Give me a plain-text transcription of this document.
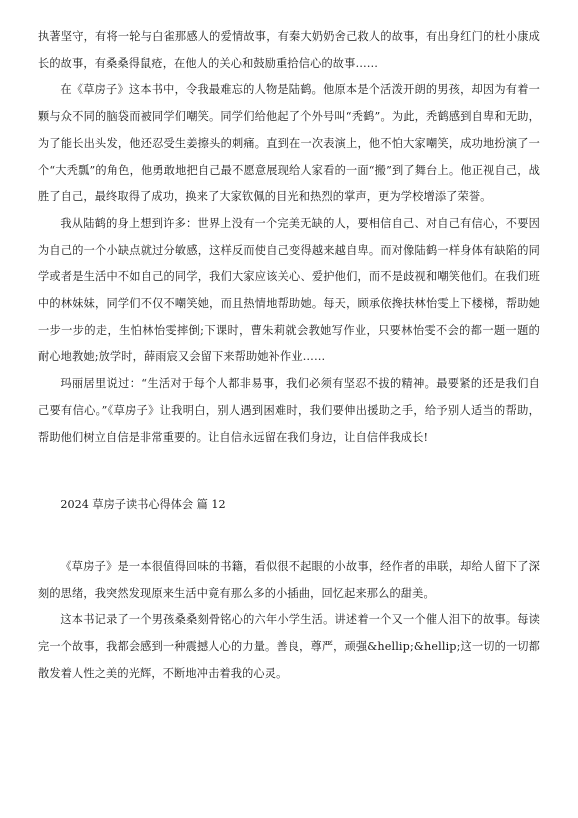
执著坚守，有将一轮与白雀那感人的爱情故事，有秦大奶奶舍己救人的故事，有出身红门的杜小康成长的故事，有桑桑得鼠疮，在他人的关心和鼓励重拾信心的故事……

在《草房子》这本书中，令我最难忘的人物是陆鹤。他原本是个活泼开朗的男孩，却因为有着一颗与众不同的脑袋而被同学们嘲笑。同学们给他起了个外号叫“秃鹤”。为此，秃鹤感到自卑和无助，为了能长出头发，他还忍受生姜擦头的刺痛。直到在一次表演上，他不怕大家嘲笑，成功地扮演了一个“大秃瓢”的角色，他勇敢地把自己最不愿意展现给人家看的一面“搬”到了舞台上。他正视自己，战胜了自己，最终取得了成功，换来了大家钦佩的目光和热烈的掌声，更为学校增添了荣誉。

我从陆鹤的身上想到许多：世界上没有一个完美无缺的人，要相信自己、对自己有信心，不要因为自己的一个小缺点就过分敏感，这样反而使自己变得越来越自卑。而对像陆鹤一样身体有缺陷的同学或者是生活中不如自己的同学，我们大家应该关心、爱护他们，而不是歧视和嘲笑他们。在我们班中的林妹妹，同学们不仅不嘲笑她，而且热情地帮助她。每天，顾承依搀扶林怡雯上下楼梯，帮助她一步一步的走，生怕林怡雯摔倒;下课时，曹朱莉就会教她写作业，只要林怡雯不会的都一题一题的耐心地教她;放学时，薛雨宸又会留下来帮助她补作业……

玛丽居里说过：“生活对于每个人都非易事，我们必须有坚忍不拔的精神。最要紧的还是我们自己要有信心。”《草房子》让我明白，别人遇到困难时，我们要伸出援助之手，给予别人适当的帮助，帮助他们树立自信是非常重要的。让自信永远留在我们身边，让自信伴我成长!

2024 草房子读书心得体会 篇 12

《草房子》是一本很值得回味的书籍，看似很不起眼的小故事，经作者的串联，却给人留下了深刻的思绪，我突然发现原来生活中竟有那么多的小插曲，回忆起来那么的甜美。

这本书记录了一个男孩桑桑刻骨铭心的六年小学生活。讲述着一个又一个催人泪下的故事。每读完一个故事，我都会感到一种震撼人心的力量。善良，尊严，顽强&hellip;&hellip;这一切的一切都散发着人性之美的光辉，不断地冲击着我的心灵。
